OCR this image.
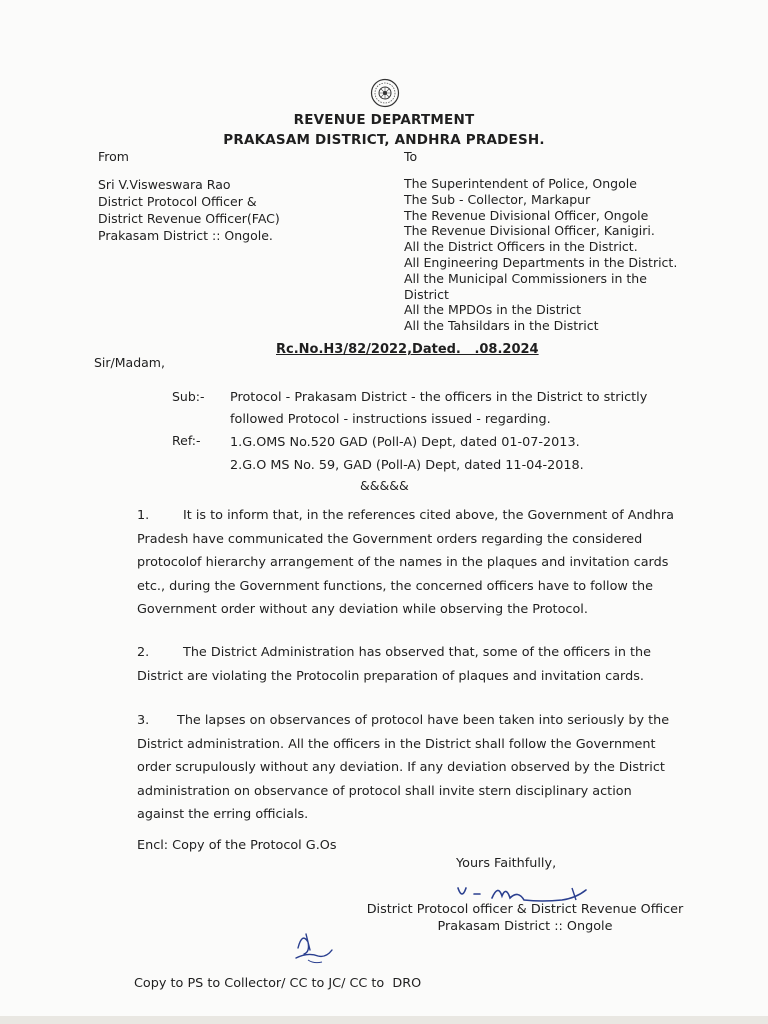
REVENUE DEPARTMENT
PRAKASAM DISTRICT, ANDHRA PRADESH.
From	To
Sri V.Visweswara Rao
District Protocol Officer &
District Revenue Officer(FAC)
Prakasam District :: Ongole.
The Superintendent of Police, Ongole
The Sub - Collector, Markapur
The Revenue Divisional Officer, Ongole
The Revenue Divisional Officer, Kanigiri.
All the District Officers in the District.
All Engineering Departments in the District.
All the Municipal Commissioners in the
District
All the MPDOs in the District
All the Tahsildars in the District
Rc.No.H3/82/2022,Dated.   .08.2024
Sir/Madam,
Sub:- Protocol - Prakasam District - the officers in the District to strictly
followed Protocol - instructions issued - regarding.
Ref:- 1.G.OMS No.520 GAD (Poll-A) Dept, dated 01-07-2013.
2.G.O MS No. 59, GAD (Poll-A) Dept, dated 11-04-2018.
&&&&&
1.	It is to inform that, in the references cited above, the Government of Andhra
Pradesh have communicated the Government orders regarding the considered
protocolof hierarchy arrangement of the names in the plaques and invitation cards
etc., during the Government functions, the concerned officers have to follow the
Government order without any deviation while observing the Protocol.
2.	The District Administration has observed that, some of the officers in the
District are violating the Protocolin preparation of plaques and invitation cards.
3.	The lapses on observances of protocol have been taken into seriously by the
District administration. All the officers in the District shall follow the Government
order scrupulously without any deviation. If any deviation observed by the District
administration on observance of protocol shall invite stern disciplinary action
against the erring officials.
Encl: Copy of the Protocol G.Os
Yours Faithfully,
District Protocol officer & District Revenue Officer
Prakasam District :: Ongole
Copy to PS to Collector/ CC to JC/ CC to  DRO
